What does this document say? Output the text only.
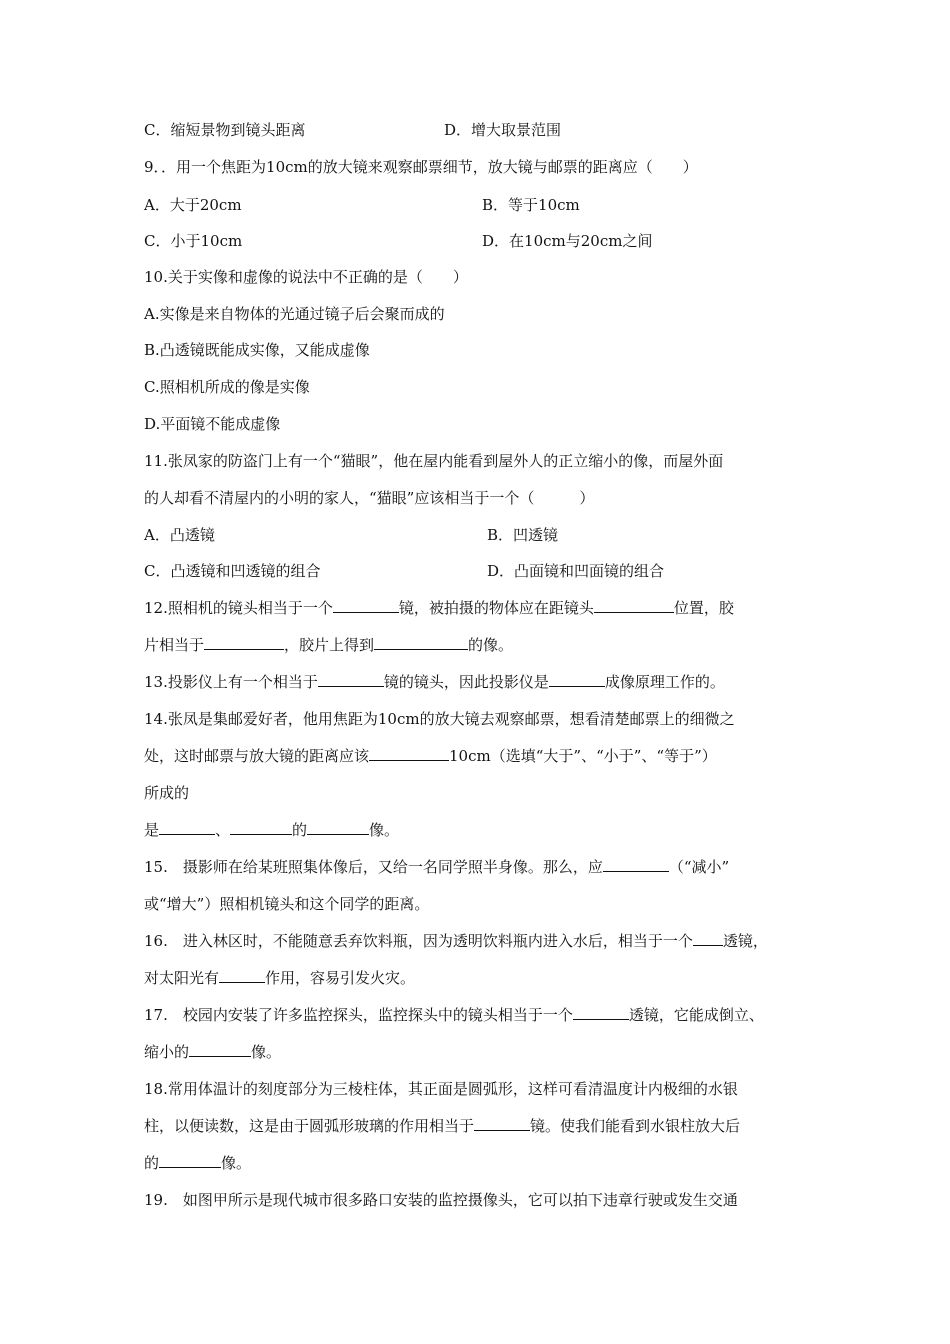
C．缩短景物到镜头距离	D．增大取景范围
9．．用一个焦距为10cm的放大镜来观察邮票细节，放大镜与邮票的距离应（　　）
A．大于20cm	B．等于10cm
C．小于10cm	D．在10cm与20cm之间
10.关于实像和虚像的说法中不正确的是（　　）
A.实像是来自物体的光通过镜子后会聚而成的
B.凸透镜既能成实像，又能成虚像
C.照相机所成的像是实像
D.平面镜不能成虚像
11.张凤家的防盗门上有一个“猫眼”，他在屋内能看到屋外人的正立缩小的像，而屋外面
的人却看不清屋内的小明的家人，“猫眼”应该相当于一个（　　　）
A．凸透镜	B．凹透镜
C．凸透镜和凹透镜的组合	D．凸面镜和凹面镜的组合
12.照相机的镜头相当于一个	镜，被拍摄的物体应在距镜头	位置，胶
片相当于	，胶片上得到	的像。
13.投影仪上有一个相当于	镜的镜头，因此投影仪是	成像原理工作的。
14.张凤是集邮爱好者，他用焦距为10cm的放大镜去观察邮票，想看清楚邮票上的细微之
处，这时邮票与放大镜的距离应该	10cm（选填“大于”、“小于”、“等于”）
所成的
是	、	的	像。
15.　摄影师在给某班照集体像后，又给一名同学照半身像。那么，应	（“减小”
或“增大”）照相机镜头和这个同学的距离。
16.　进入林区时，不能随意丢弃饮料瓶，因为透明饮料瓶内进入水后，相当于一个 透镜，
对太阳光有	作用，容易引发火灾。
17.　校园内安装了许多监控探头，监控探头中的镜头相当于一个	透镜，它能成倒立、
缩小的	像。
18.常用体温计的刻度部分为三棱柱体，其正面是圆弧形，这样可看清温度计内极细的水银
柱，以便读数，这是由于圆弧形玻璃的作用相当于	镜。使我们能看到水银柱放大后
的	像。
19.　如图甲所示是现代城市很多路口安装的监控摄像头，它可以拍下违章行驶或发生交通
